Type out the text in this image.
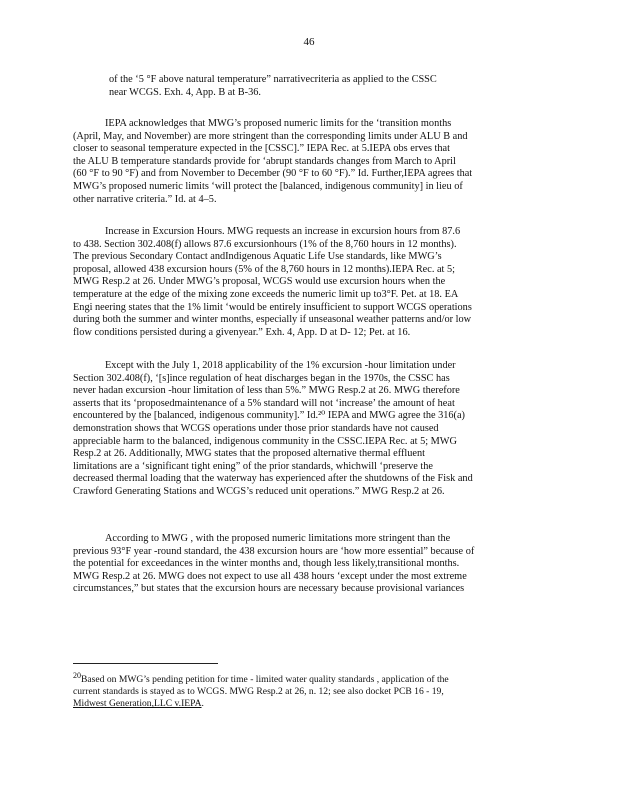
46
of the ‘5 °F above natural temperature” narrativecriteria as applied to the CSSC
near WCGS. Exh. 4, App. B at B-36.
IEPA acknowledges that MWG’s proposed numeric limits for the ‘transition months
(April, May, and November) are more stringent than the corresponding limits under ALU B and
closer to seasonal temperature expected in the [CSSC].” IEPA Rec. at 5.IEPA obs erves that
the ALU B temperature standards provide for ‘abrupt standards changes from March to April
(60 °F to 90 °F) and from November to December (90 °F to 60 °F).” Id. Further,IEPA agrees that
MWG’s proposed numeric limits ‘will protect the [balanced, indigenous community] in lieu of
other narrative criteria.” Id. at 4–5.
Increase in Excursion Hours. MWG requests an increase in excursion hours from 87.6
to 438. Section 302.408(f) allows 87.6 excursionhours (1% of the 8,760 hours in 12 months).
The previous Secondary Contact andIndigenous Aquatic Life Use standards, like MWG’s
proposal, allowed 438 excursion hours (5% of the 8,760 hours in 12 months).IEPA Rec. at 5;
MWG Resp.2 at 26. Under MWG’s proposal, WCGS would use excursion hours when the
temperature at the edge of the mixing zone exceeds the numeric limit up to3°F. Pet. at 18. EA
Engi neering states that the 1% limit ‘would be entirely insufficient to support WCGS operations
during both the summer and winter months, especially if unseasonal weather patterns and/or low
flow conditions persisted during a givenyear.” Exh. 4, App. D at D- 12; Pet. at 16.
Except with the July 1, 2018 applicability of the 1% excursion -hour limitation under
Section 302.408(f), ‘[s]ince regulation of heat discharges began in the 1970s, the CSSC has
never hadan excursion -hour limitation of less than 5%.” MWG Resp.2 at 26. MWG therefore
asserts that its ‘proposedmaintenance of a 5% standard will not ‘increase’ the amount of heat
encountered by the [balanced, indigenous community].” Id.²⁰ IEPA and MWG agree the 316(a)
demonstration shows that WCGS operations under those prior standards have not caused
appreciable harm to the balanced, indigenous community in the CSSC.IEPA Rec. at 5; MWG
Resp.2 at 26. Additionally, MWG states that the proposed alternative thermal effluent
limitations are a ‘significant tight ening” of the prior standards, whichwill ‘preserve the
decreased thermal loading that the waterway has experienced after the shutdowns of the Fisk and
Crawford Generating Stations and WCGS’s reduced unit operations.” MWG Resp.2 at 26.
According to MWG , with the proposed numeric limitations more stringent than the
previous 93°F year -round standard, the 438 excursion hours are ‘how more essential” because of
the potential for exceedances in the winter months and, though less likely,transitional months.
MWG Resp.2 at 26. MWG does not expect to use all 438 hours ‘except under the most extreme
circumstances,” but states that the excursion hours are necessary because provisional variances
$^{20}$Based on MWG’s pending petition for time - limited water quality standards , application of the
current standards is stayed as to WCGS. MWG Resp.2 at 26, n. 12; see also docket PCB 16 - 19,
Midwest Generation,LLC v.IEPA.
